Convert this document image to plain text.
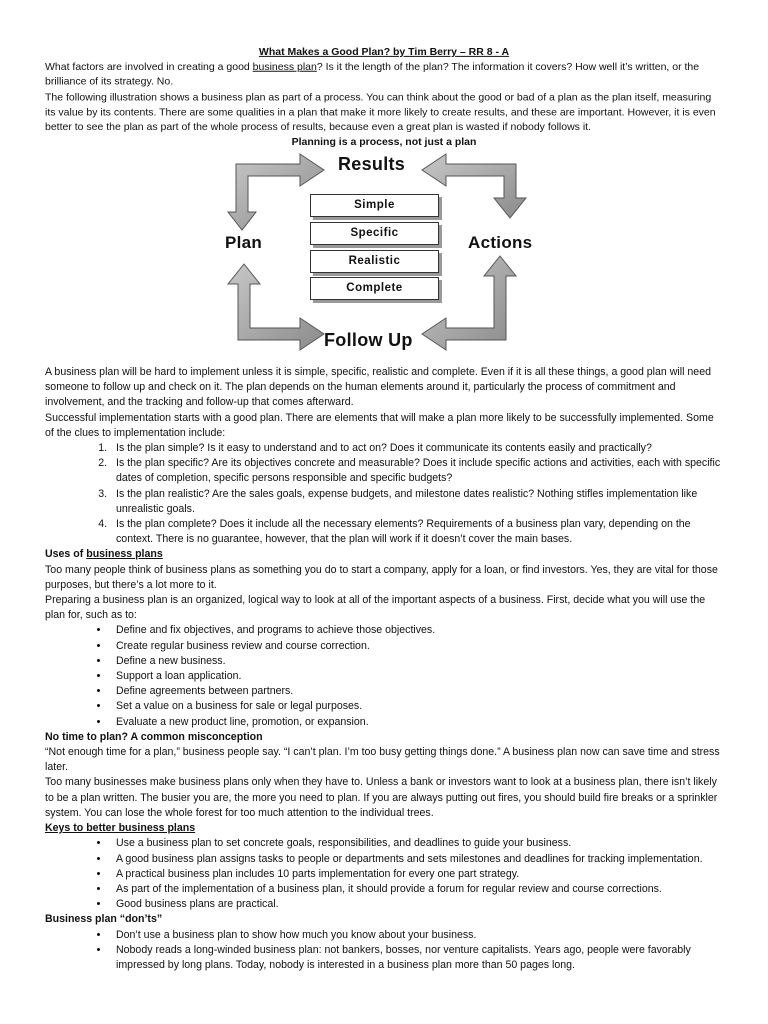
What Makes a Good Plan? by Tim Berry – RR 8 - A

What factors are involved in creating a good business plan? Is it the length of the plan? The information it covers? How well it’s written, or the brilliance of its strategy. No.

The following illustration shows a business plan as part of a process. You can think about the good or bad of a plan as the plan itself, measuring its value by its contents. There are some qualities in a plan that make it more likely to create results, and these are important. However, it is even better to see the plan as part of the whole process of results, because even a great plan is wasted if nobody follows it.

Planning is a process, not just a plan

Results
Plan	Actions
Follow Up
Simple
Specific
Realistic
Complete

A business plan will be hard to implement unless it is simple, specific, realistic and complete. Even if it is all these things, a good plan will need someone to follow up and check on it. The plan depends on the human elements around it, particularly the process of commitment and involvement, and the tracking and follow-up that comes afterward.

Successful implementation starts with a good plan. There are elements that will make a plan more likely to be successfully implemented. Some of the clues to implementation include:

1. Is the plan simple? Is it easy to understand and to act on? Does it communicate its contents easily and practically?
2. Is the plan specific? Are its objectives concrete and measurable? Does it include specific actions and activities, each with specific dates of completion, specific persons responsible and specific budgets?
3. Is the plan realistic? Are the sales goals, expense budgets, and milestone dates realistic? Nothing stifles implementation like unrealistic goals.
4. Is the plan complete? Does it include all the necessary elements? Requirements of a business plan vary, depending on the context. There is no guarantee, however, that the plan will work if it doesn’t cover the main bases.

Uses of business plans

Too many people think of business plans as something you do to start a company, apply for a loan, or find investors. Yes, they are vital for those purposes, but there’s a lot more to it.

Preparing a business plan is an organized, logical way to look at all of the important aspects of a business. First, decide what you will use the plan for, such as to:

• Define and fix objectives, and programs to achieve those objectives.
• Create regular business review and course correction.
• Define a new business.
• Support a loan application.
• Define agreements between partners.
• Set a value on a business for sale or legal purposes.
• Evaluate a new product line, promotion, or expansion.

No time to plan? A common misconception

“Not enough time for a plan,” business people say. “I can’t plan. I’m too busy getting things done.” A business plan now can save time and stress later.

Too many businesses make business plans only when they have to. Unless a bank or investors want to look at a business plan, there isn’t likely to be a plan written. The busier you are, the more you need to plan. If you are always putting out fires, you should build fire breaks or a sprinkler system. You can lose the whole forest for too much attention to the individual trees.

Keys to better business plans

• Use a business plan to set concrete goals, responsibilities, and deadlines to guide your business.
• A good business plan assigns tasks to people or departments and sets milestones and deadlines for tracking implementation.
• A practical business plan includes 10 parts implementation for every one part strategy.
• As part of the implementation of a business plan, it should provide a forum for regular review and course corrections.
• Good business plans are practical.

Business plan “don’ts”

• Don’t use a business plan to show how much you know about your business.
• Nobody reads a long-winded business plan: not bankers, bosses, nor venture capitalists. Years ago, people were favorably impressed by long plans. Today, nobody is interested in a business plan more than 50 pages long.
